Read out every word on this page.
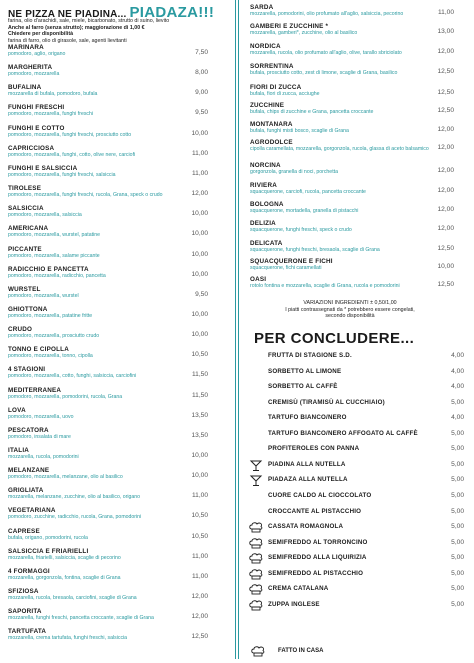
NE PIZZA NE PIADINA... PIADAZA!!!
farina, olio d'arachidi, sale, miele, bicarbonato, strutto di suino, lievito
Anche al farro (senza strutto); maggiorazione di 1,00 €
Chiedere per disponibilità
farina di farro, olio di girasole, sale, agenti lievitanti
MARINARA
pomodoro, aglio, origano	7,50
MARGHERITA
pomodoro, mozzarella	8,00
BUFALINA
mozzarella di bufala, pomodoro, bufala	9,00
FUNGHI FRESCHI
pomodoro, mozzarella, funghi freschi	9,50
FUNGHI E COTTO
pomodoro, mozzarella, funghi freschi, prosciutto cotto	10,00
CAPRICCIOSA
pomodoro, mozzarella, funghi, cotto, olive nere, carciofi	11,00
FUNGHI E SALSICCIA
pomodoro, mozzarella, funghi freschi, salsiccia	11,00
TIROLESE
pomodoro, mozzarella, funghi freschi, rucola, Grana, speck o crudo	12,00
SALSICCIA
pomodoro, mozzarella, salsiccia	10,00
AMERICANA
pomodoro, mozzarella, wurstel, patatine	10,00
PICCANTE
pomodoro, mozzarella, salame piccante	10,00
RADICCHIO E PANCETTA
pomodoro, mozzarella, radicchio, pancetta	10,00
WURSTEL
pomodoro, mozzarella, wurstel	9,50
GHIOTTONA
pomodoro, mozzarella, patatine fritte	10,00
CRUDO
pomodoro, mozzarella, prosciutto crudo	10,00
TONNO E CIPOLLA
pomodoro, mozzarella, tonno, cipolla	10,50
4 STAGIONI
pomodoro, mozzarella, cotto, funghi, salsiccia, carciofini	11,50
MEDITERRANEA
pomodoro, mozzarella, pomodorini, rucola, Grana	11,50
LOVA
pomodoro, mozzarella, uovo	13,50
PESCATORA
pomodoro, insalata di mare	13,50
ITALIA
mozzarella, rucola, pomodorini	10,00
MELANZANE
pomodoro, mozzarella, melanzane, olio al basilico	10,00
GRIGLIATA
mozzarella, melanzane, zucchine, olio al basilico, origano	11,00
VEGETARIANA
pomodoro, zucchine, radicchio, rucola, Grana, pomodorini	10,50
CAPRESE
bufala, origano, pomodorini, rucola	10,50
SALSICCIA E FRIARIELLI
mozzarella, friarielli, salsiccia, scaglie di pecorino	11,00
4 FORMAGGI
mozzarella, gorgonzola, fontina, scaglie di Grana	11,00
SFIZIOSA
mozzarella, rucola, bresaola, carciofini, scaglie di Grana	12,00
SAPORITA
mozzarella, funghi freschi, pancetta croccante, scaglie di Grana	12,00
TARTUFATA
mozzarella, crema tartufata, funghi freschi, salsiccia	12,50
SARDA
mozzarella, pomodorini, olio profumato all'aglio, salsiccia, pecorino	11,00
GAMBERI E ZUCCHINE *
mozzarella, gamberi*, zucchine, olio al basilico	13,00
NORDICA
mozzarella, rucola, olio profumato all'aglio, olive, tarallo sbriciolato	12,00
SORRENTINA
bufala, prosciutto cotto, zest di limone, scaglie di Grana, basilico	12,50
FIORI DI ZUCCA
bufala, fiori di zucca, acciughe	12,50
ZUCCHINE
bufala, chips di zucchine e Grana, pancetta croccante	12,50
MONTANARA
bufala, funghi misti bosco, scaglie di Grana	12,00
AGRODOLCE
cipolla caramellata, mozzarella, gorgonzola, rucola, glassa di aceto balsamico	12,00
NORCINA
gorgonzola, granella di noci, porchetta	12,00
RIVIERA
squacquerone, carciofi, rucola, pancetta croccante	12,00
BOLOGNA
squacquerone, mortadella, granella di pistacchi	12,00
DELIZIA
squacquerone, funghi freschi, speck o crudo	12,00
DELICATA
squacquerone, funghi freschi, bresaola, scaglie di Grana	12,50
SQUACQUERONE E FICHI
squacquerone, fichi caramellati	10,00
OASI
rotolo fontina e mozzarella, scaglie di Grana, rucola e pomodorini	12,50
VARIAZIONI INGREDIENTI ± 0,50/1,00
I piatti contrassegnati da * potrebbero essere congelati,
secondo disponibilità
PER CONCLUDERE...
FRUTTA DI STAGIONE S.D.	4,00
SORBETTO AL LIMONE	4,00
SORBETTO AL CAFFÈ	4,00
CREMISÙ (TIRAMISÙ AL CUCCHIAIO)	5,00
TARTUFO BIANCO/NERO	4,00
TARTUFO BIANCO/NERO AFFOGATO AL CAFFÈ	5,00
PROFITEROLES CON PANNA	5,00
PIADINA ALLA NUTELLA	5,00
PIADAZA ALLA NUTELLA	5,00
CUORE CALDO AL CIOCCOLATO	5,00
CROCCANTE AL PISTACCHIO	5,00
CASSATA ROMAGNOLA	5,00
SEMIFREDDO AL TORRONCINO	5,00
SEMIFREDDO ALLA LIQUIRIZIA	5,00
SEMIFREDDO AL PISTACCHIO	5,00
CREMA CATALANA	5,00
ZUPPA INGLESE	5,00
FATTO IN CASA
